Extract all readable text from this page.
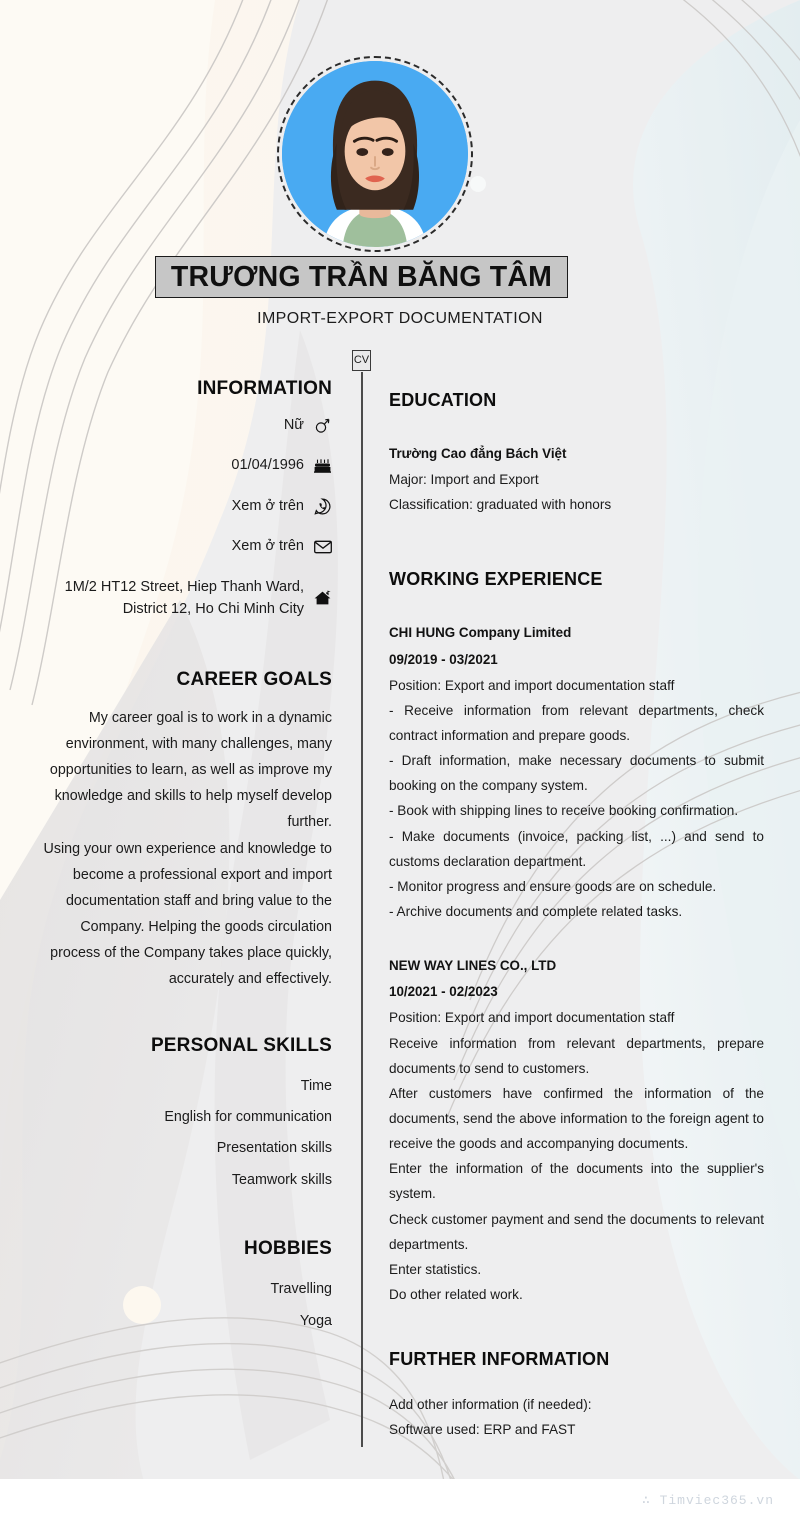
TRƯƠNG TRẦN BĂNG TÂM
IMPORT-EXPORT DOCUMENTATION
CV
INFORMATION
Nữ
01/04/1996
Xem ở trên
Xem ở trên
1M/2 HT12 Street, Hiep Thanh Ward, District 12, Ho Chi Minh City
CAREER GOALS
My career goal is to work in a dynamic environment, with many challenges, many opportunities to learn, as well as improve my knowledge and skills to help myself develop further.
Using your own experience and knowledge to become a professional export and import documentation staff and bring value to the Company. Helping the goods circulation process of the Company takes place quickly, accurately and effectively.
PERSONAL SKILLS
Time
English for communication
Presentation skills
Teamwork skills
HOBBIES
Travelling
Yoga
EDUCATION
Trường Cao đẳng Bách Việt
Major: Import and Export
Classification: graduated with honors
WORKING EXPERIENCE
CHI HUNG Company Limited
09/2019 - 03/2021
Position: Export and import documentation staff
- Receive information from relevant departments, check contract information and prepare goods.
- Draft information, make necessary documents to submit booking on the company system.
- Book with shipping lines to receive booking confirmation.
- Make documents (invoice, packing list, ...) and send to customs declaration department.
- Monitor progress and ensure goods are on schedule.
- Archive documents and complete related tasks.
NEW WAY LINES CO., LTD
10/2021 - 02/2023
Position: Export and import documentation staff
Receive information from relevant departments, prepare documents to send to customers.
After customers have confirmed the information of the documents, send the above information to the foreign agent to receive the goods and accompanying documents.
Enter the information of the documents into the supplier's system.
Check customer payment and send the documents to relevant departments.
Enter statistics.
Do other related work.
FURTHER INFORMATION
Add other information (if needed):
Software used: ERP and FAST
∴ Timviec365.vn
